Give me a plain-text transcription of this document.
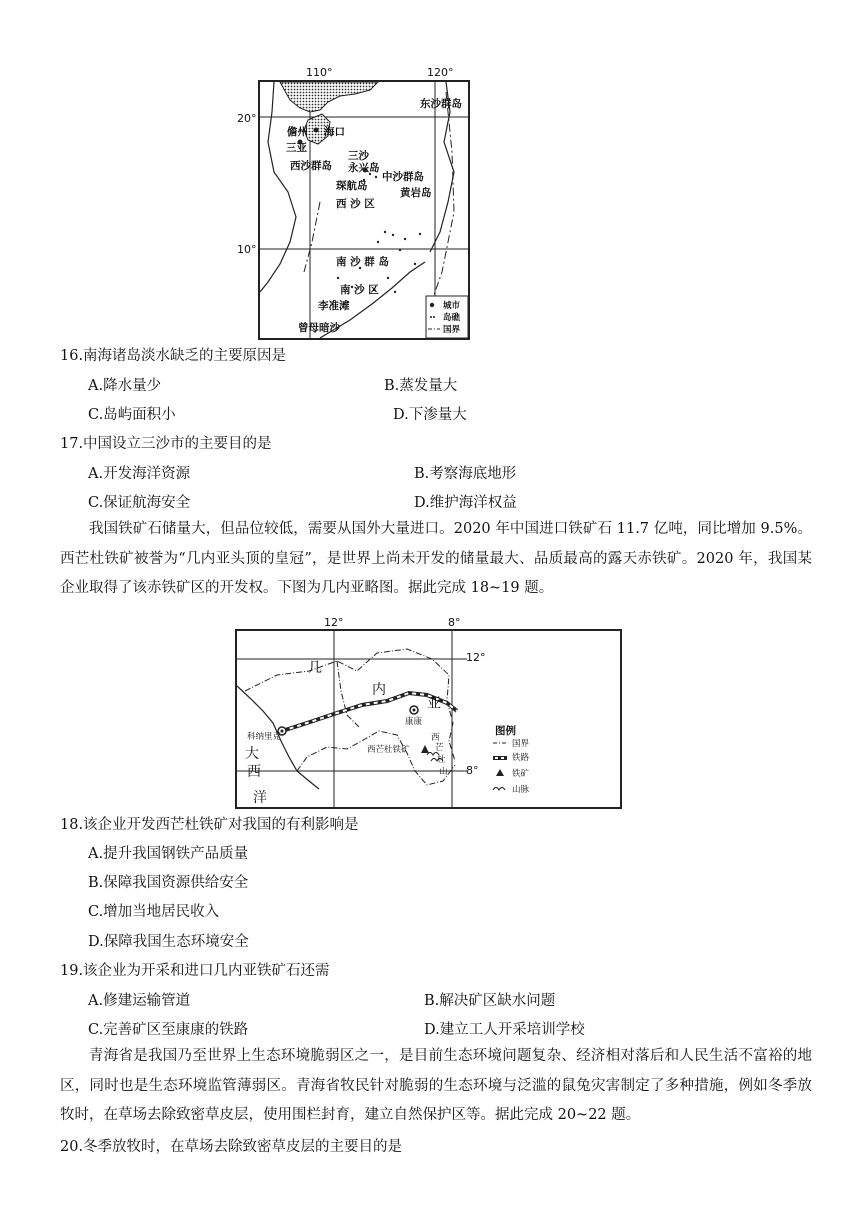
110°	120°
20°
10°
东沙群岛
儋州 海口
三亚
三沙
西沙群岛 永兴岛
中沙群岛
琛航岛
黄岩岛
西 沙 区
南 沙 群 岛
南 沙 区
李准滩
曾母暗沙
城市
岛礁
国界
16.南海诸岛淡水缺乏的主要原因是
A.降水量少	B.蒸发量大
C.岛屿面积小	D.下渗量大
17.中国设立三沙市的主要目的是
A.开发海洋资源	B.考察海底地形
C.保证航海安全	D.维护海洋权益
我国铁矿石储量大，但品位较低，需要从国外大量进口。2020 年中国进口铁矿石 11.7 亿吨，同比增加 9.5%。西芒杜铁矿被誉为“几内亚头顶的皇冠”，是世界上尚未开发的储量最大、品质最高的露天赤铁矿。2020 年，我国某企业取得了该赤铁矿区的开发权。下图为几内亚略图。据此完成 18~19 题。
12°	8°
12°
8°
几
内
亚
大
西
洋
科纳里克
康康
西芒杜铁矿
西
芒
杜
山
图例
国界
铁路
铁矿
山脉
18.该企业开发西芒杜铁矿对我国的有利影响是
A.提升我国钢铁产品质量
B.保障我国资源供给安全
C.增加当地居民收入
D.保障我国生态环境安全
19.该企业为开采和进口几内亚铁矿石还需
A.修建运输管道	B.解决矿区缺水问题
C.完善矿区至康康的铁路	D.建立工人开采培训学校
青海省是我国乃至世界上生态环境脆弱区之一，是目前生态环境问题复杂、经济相对落后和人民生活不富裕的地区，同时也是生态环境监管薄弱区。青海省牧民针对脆弱的生态环境与泛滥的鼠兔灾害制定了多种措施，例如冬季放牧时，在草场去除致密草皮层，使用围栏封育，建立自然保护区等。据此完成 20~22 题。
20.冬季放牧时，在草场去除致密草皮层的主要目的是
